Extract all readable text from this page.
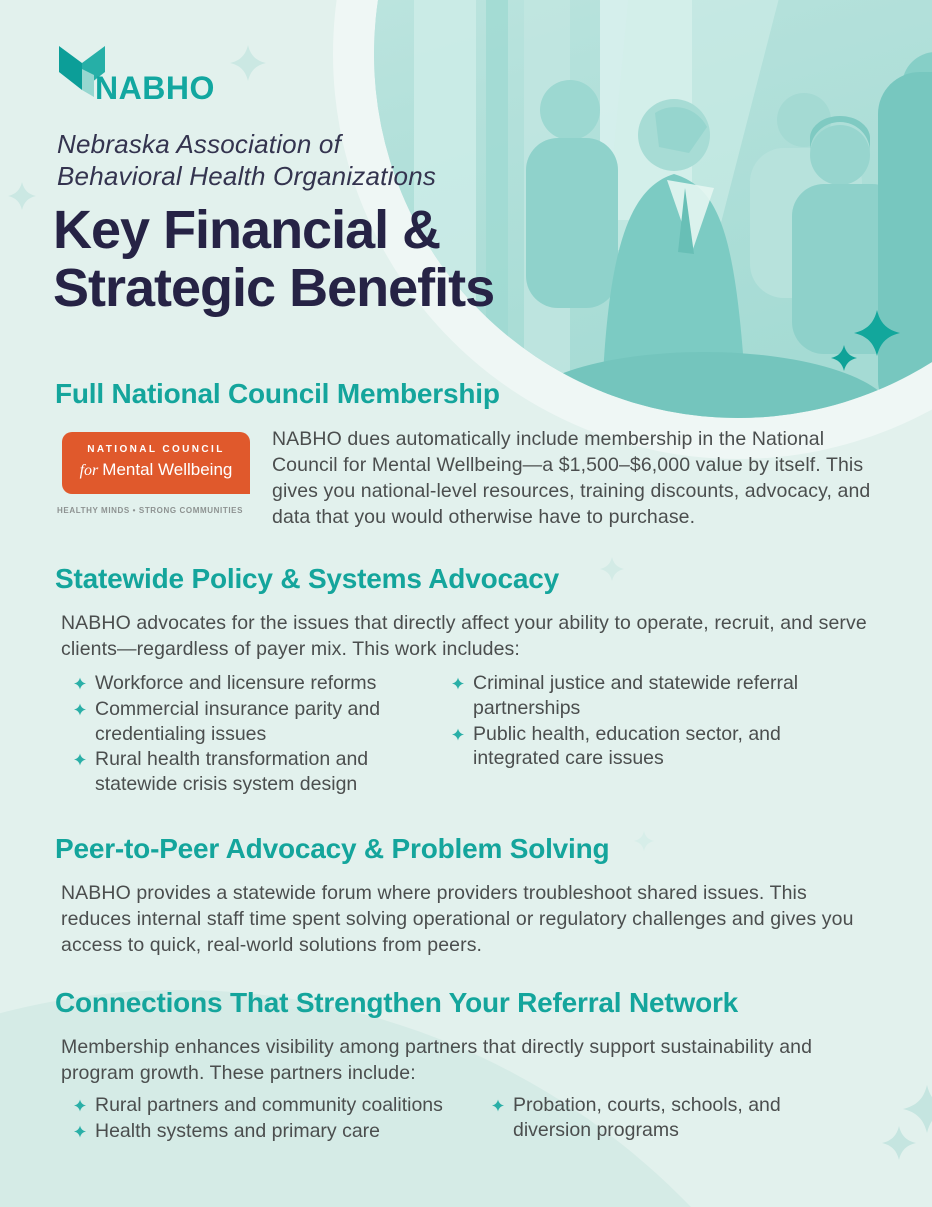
NABHO
Nebraska Association of
Behavioral Health Organizations
Key Financial &
Strategic Benefits
Full National Council Membership
NATIONAL COUNCIL
for Mental Wellbeing
HEALTHY MINDS • STRONG COMMUNITIES
NABHO dues automatically include membership in the National Council for Mental Wellbeing—a $1,500–$6,000 value by itself. This gives you national-level resources, training discounts, advocacy, and data that you would otherwise have to purchase.
Statewide Policy & Systems Advocacy
NABHO advocates for the issues that directly affect your ability to operate, recruit, and serve clients—regardless of payer mix. This work includes:
Workforce and licensure reforms
Commercial insurance parity and credentialing issues
Rural health transformation and statewide crisis system design
Criminal justice and statewide referral partnerships
Public health, education sector, and integrated care issues
Peer-to-Peer Advocacy & Problem Solving
NABHO provides a statewide forum where providers troubleshoot shared issues. This reduces internal staff time spent solving operational or regulatory challenges and gives you access to quick, real-world solutions from peers.
Connections That Strengthen Your Referral Network
Membership enhances visibility among partners that directly support sustainability and program growth. These partners include:
Rural partners and community coalitions
Health systems and primary care
Probation, courts, schools, and diversion programs
